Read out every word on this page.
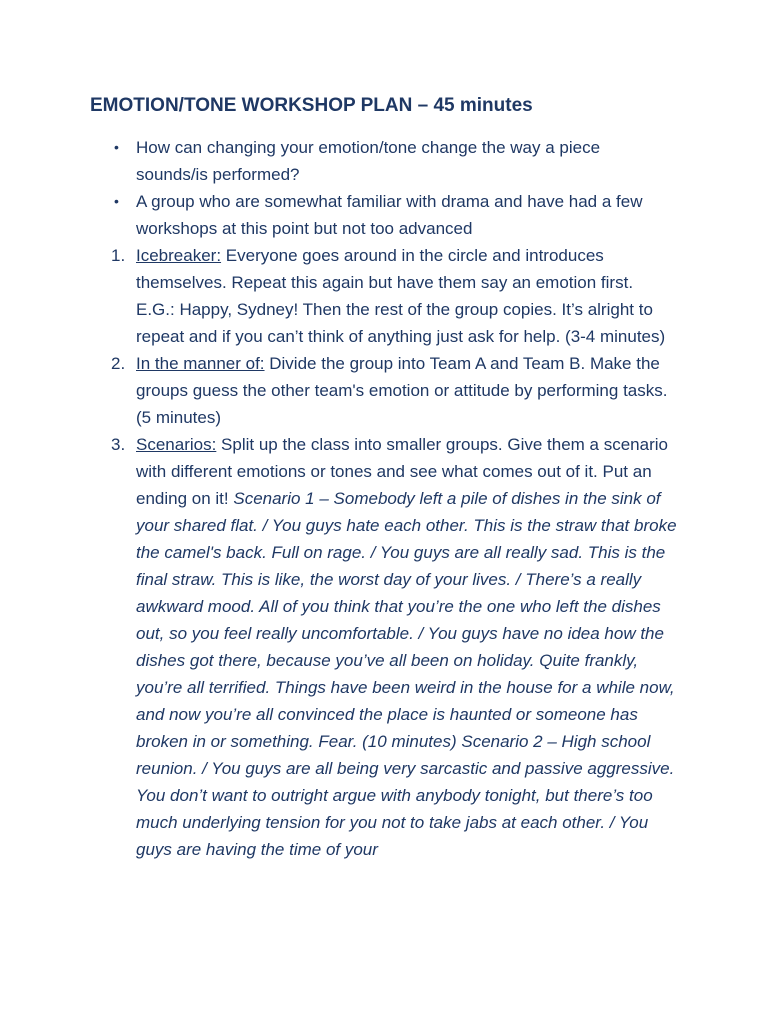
EMOTION/TONE WORKSHOP PLAN – 45 minutes
• How can changing your emotion/tone change the way a piece sounds/is performed?
• A group who are somewhat familiar with drama and have had a few workshops at this point but not too advanced
1. Icebreaker: Everyone goes around in the circle and introduces themselves. Repeat this again but have them say an emotion first. E.G.: Happy, Sydney! Then the rest of the group copies. It’s alright to repeat and if you can’t think of anything just ask for help. (3-4 minutes)
2. In the manner of: Divide the group into Team A and Team B. Make the groups guess the other team's emotion or attitude by performing tasks. (5 minutes)
3. Scenarios: Split up the class into smaller groups. Give them a scenario with different emotions or tones and see what comes out of it. Put an ending on it! Scenario 1 – Somebody left a pile of dishes in the sink of your shared flat. / You guys hate each other. This is the straw that broke the camel's back. Full on rage. / You guys are all really sad. This is the final straw. This is like, the worst day of your lives. / There’s a really awkward mood. All of you think that you’re the one who left the dishes out, so you feel really uncomfortable. / You guys have no idea how the dishes got there, because you’ve all been on holiday. Quite frankly, you’re all terrified. Things have been weird in the house for a while now, and now you’re all convinced the place is haunted or someone has broken in or something. Fear. (10 minutes) Scenario 2 – High school reunion. / You guys are all being very sarcastic and passive aggressive. You don’t want to outright argue with anybody tonight, but there’s too much underlying tension for you not to take jabs at each other. / You guys are having the time of your
